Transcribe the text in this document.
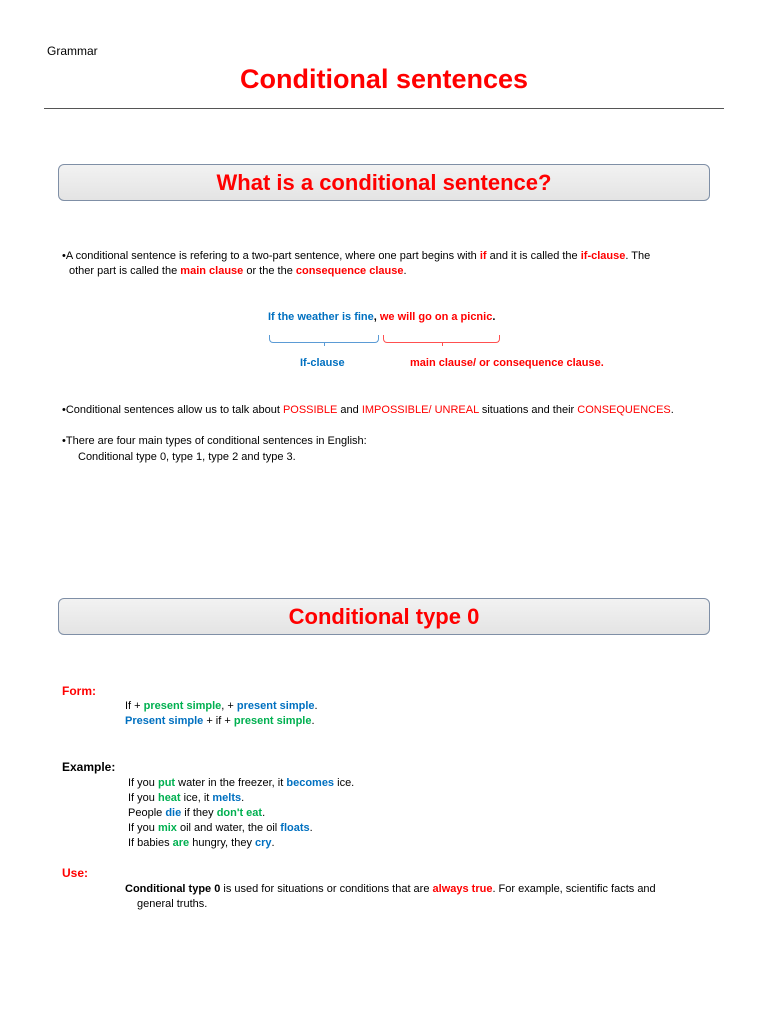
Grammar
Conditional sentences
What is a conditional sentence?
•A conditional sentence is refering to a two-part sentence, where one part begins with if and it is called the if-clause. The
other part is called the main clause or the the consequence clause.
If the weather is fine, we will go on a picnic.
If-clause	main clause/ or consequence clause.
•Conditional sentences allow us to talk about POSSIBLE and IMPOSSIBLE/ UNREAL situations and their CONSEQUENCES.
•There are four main types of conditional sentences in English:
Conditional type 0, type 1, type 2 and type 3.
Conditional type 0
Form:
If + present simple, + present simple.
Present simple + if + present simple.
Example:
If you put water in the freezer, it becomes ice.
If you heat ice, it melts.
People die if they don't eat.
If you mix oil and water, the oil floats.
If babies are hungry, they cry.
Use:
Conditional type 0 is used for situations or conditions that are always true. For example, scientific facts and
general truths.
